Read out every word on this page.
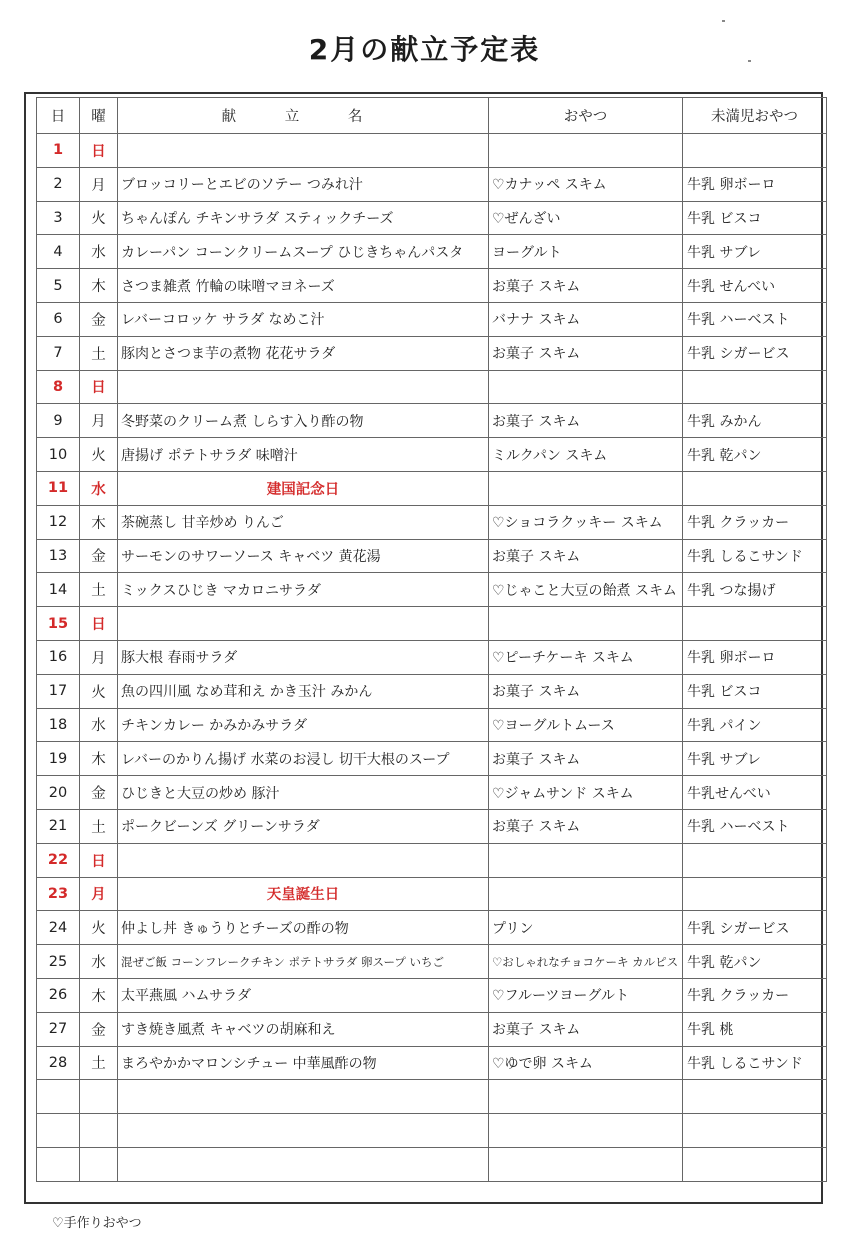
2月の献立予定表
日	曜	献 立 名	おやつ	未満児おやつ
1	日			
2	月	ブロッコリーとエビのソテー つみれ汁	♡カナッペ スキム	牛乳 卵ボーロ
3	火	ちゃんぽん チキンサラダ スティックチーズ	♡ぜんざい	牛乳 ビスコ
4	水	カレーパン コーンクリームスープ ひじきちゃんパスタ	ヨーグルト	牛乳 サブレ
5	木	さつま雑煮 竹輪の味噌マヨネーズ	お菓子 スキム	牛乳 せんべい
6	金	レバーコロッケ サラダ なめこ汁	バナナ スキム	牛乳 ハーベスト
7	土	豚肉とさつま芋の煮物 花花サラダ	お菓子 スキム	牛乳 シガービス
8	日			
9	月	冬野菜のクリーム煮 しらす入り酢の物	お菓子 スキム	牛乳 みかん
10	火	唐揚げ ポテトサラダ 味噌汁	ミルクパン スキム	牛乳 乾パン
11	水	建国記念日		
12	木	茶碗蒸し 甘辛炒め りんご	♡ショコラクッキー スキム	牛乳 クラッカー
13	金	サーモンのサワーソース キャベツ 黄花湯	お菓子 スキム	牛乳 しるこサンド
14	土	ミックスひじき マカロニサラダ	♡じゃこと大豆の飴煮 スキム	牛乳 つな揚げ
15	日			
16	月	豚大根 春雨サラダ	♡ピーチケーキ スキム	牛乳 卵ボーロ
17	火	魚の四川風 なめ茸和え かき玉汁 みかん	お菓子 スキム	牛乳 ビスコ
18	水	チキンカレー かみかみサラダ	♡ヨーグルトムース	牛乳 パイン
19	木	レバーのかりん揚げ 水菜のお浸し 切干大根のスープ	お菓子 スキム	牛乳 サブレ
20	金	ひじきと大豆の炒め 豚汁	♡ジャムサンド スキム	牛乳せんべい
21	土	ポークビーンズ グリーンサラダ	お菓子 スキム	牛乳 ハーベスト
22	日			
23	月	天皇誕生日		
24	火	仲よし丼 きゅうりとチーズの酢の物	プリン	牛乳 シガービス
25	水	混ぜご飯 コーンフレークチキン ポテトサラダ 卵スープ いちご	♡おしゃれなチョコケーキ カルピス	牛乳 乾パン
26	木	太平燕風 ハムサラダ	♡フルーツヨーグルト	牛乳 クラッカー
27	金	すき焼き風煮 キャベツの胡麻和え	お菓子 スキム	牛乳 桃
28	土	まろやかかマロンシチュー 中華風酢の物	♡ゆで卵 スキム	牛乳 しるこサンド

♡手作りおやつ
